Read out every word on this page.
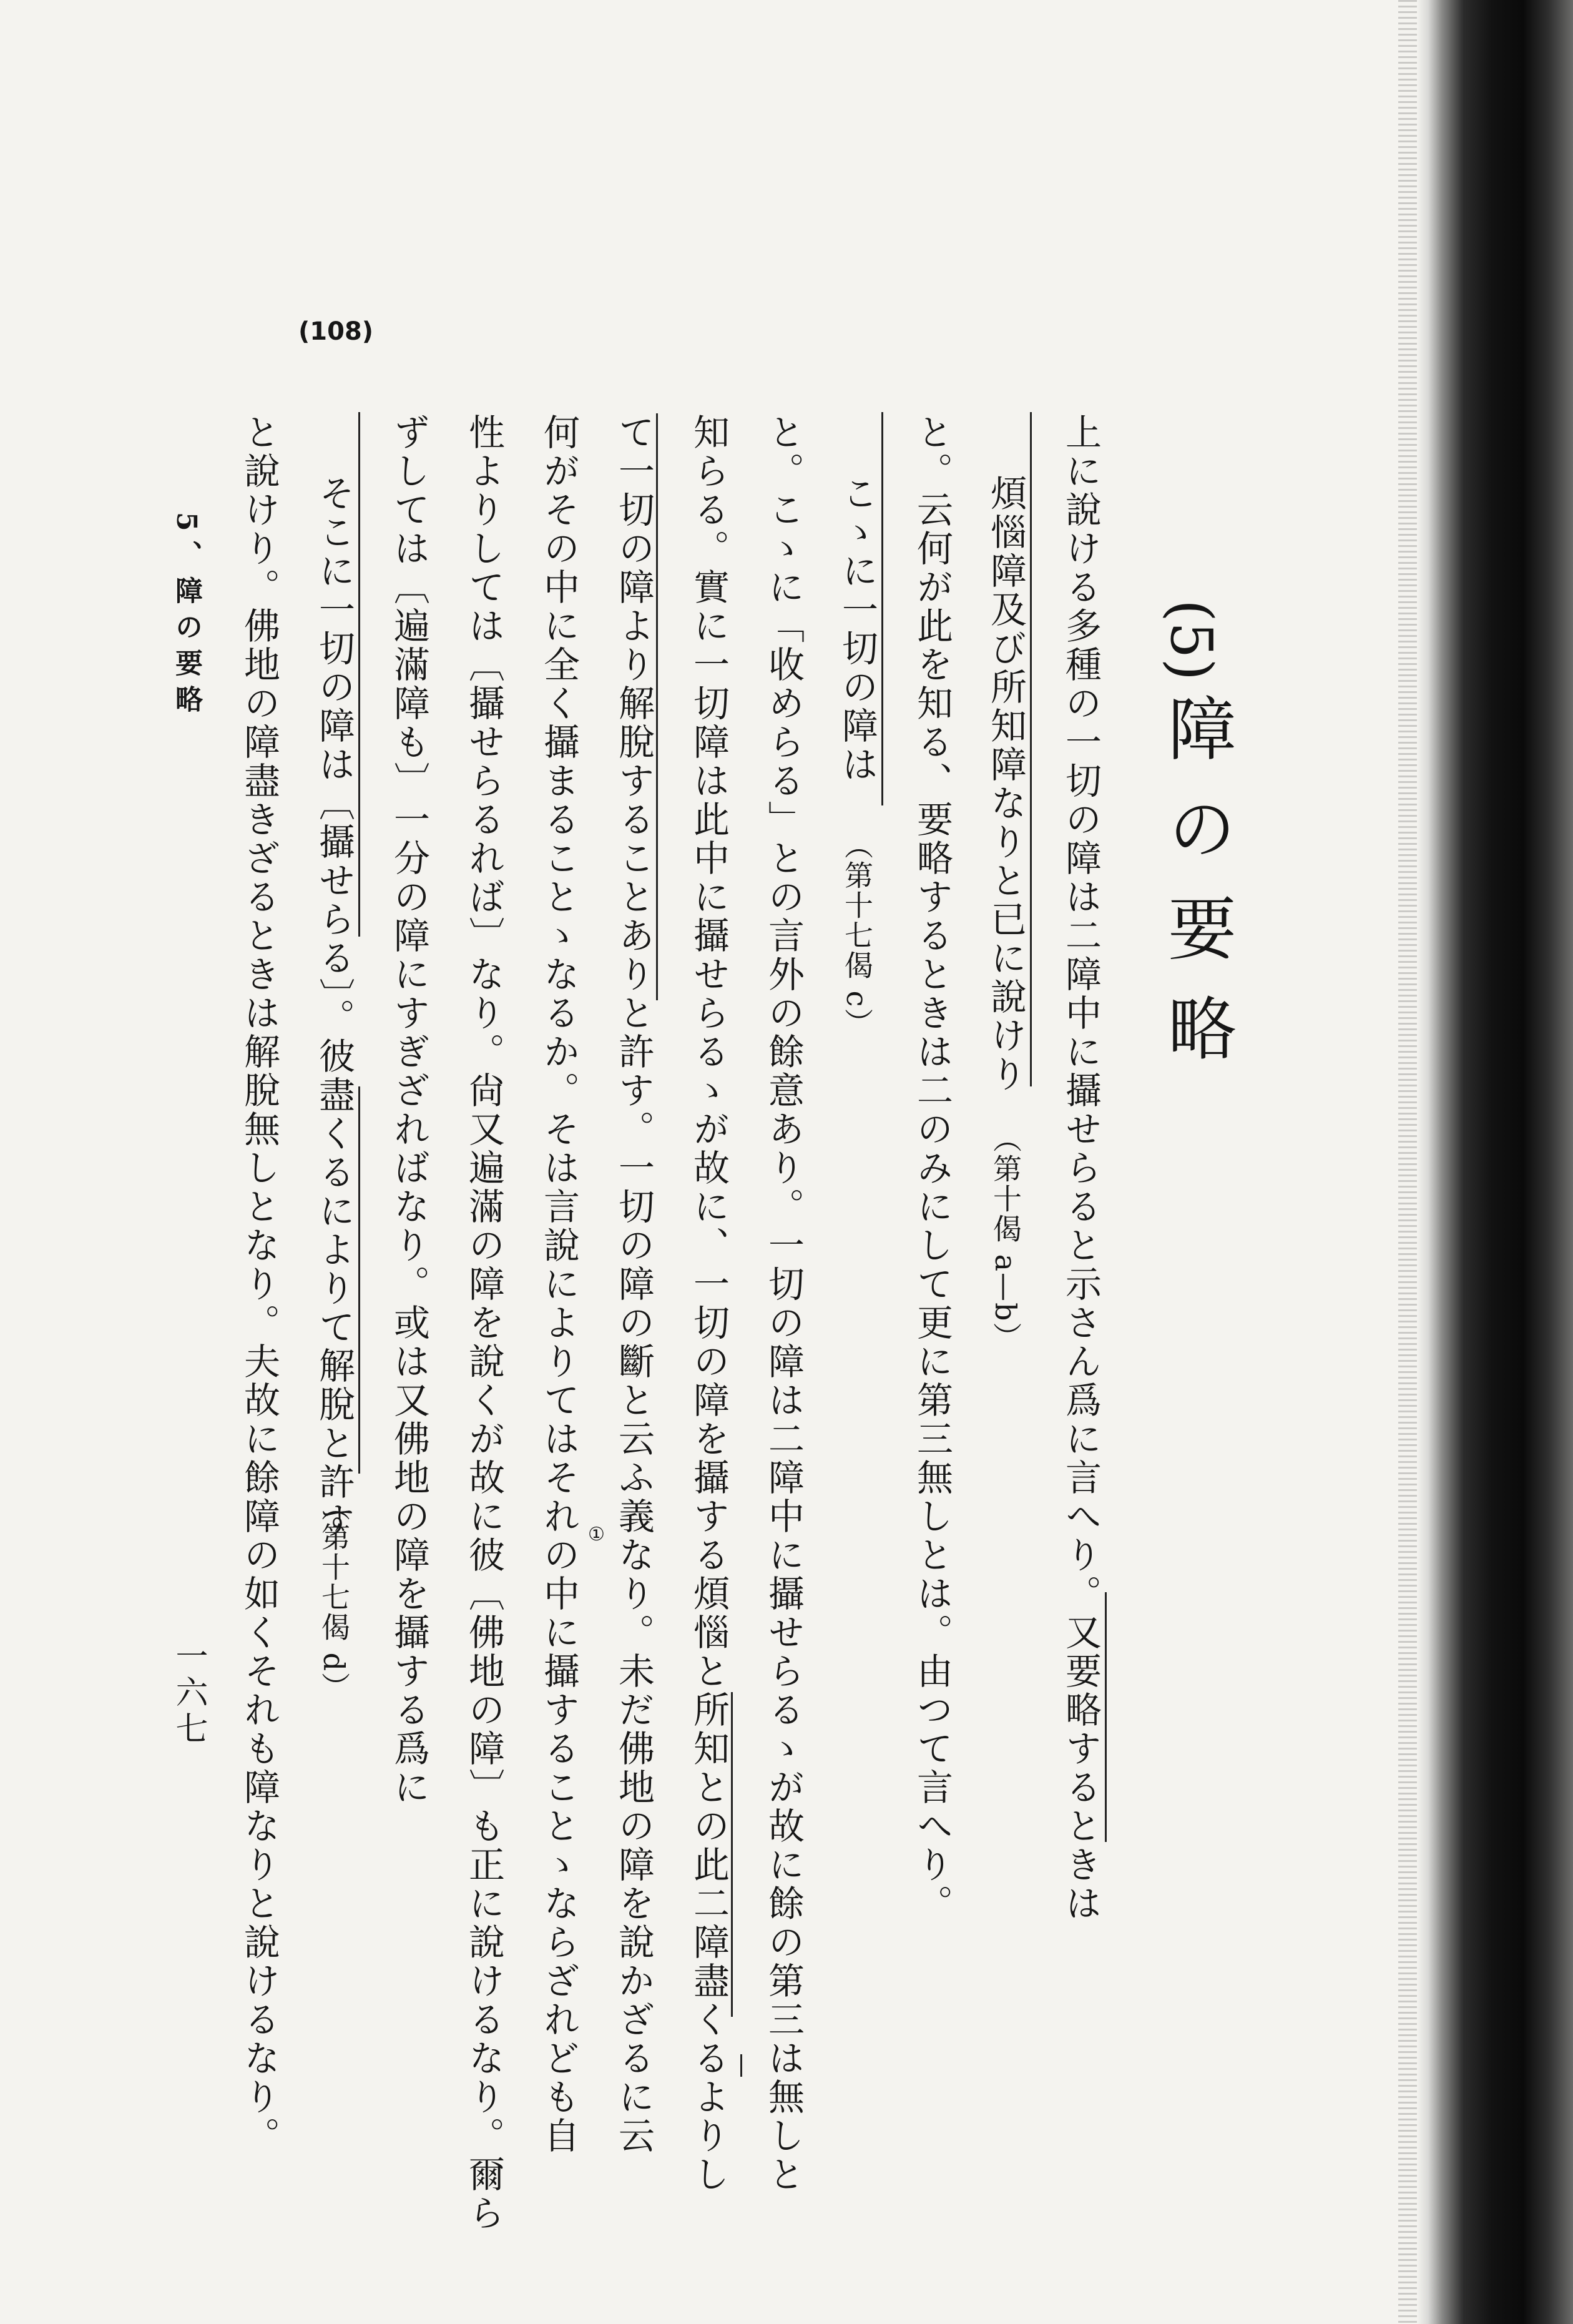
(108)
(5)
障の要略
上に說ける多種の一切の障は二障中に攝せらると示さん爲に言へり。又要略するときは
煩惱障及び所知障なりと已に說けり
（第十偈 a—b）
と。云何が此を知る、要略するときは二のみにして更に第三無しとは。由つて言へり。
こゝに一切の障は
（第十七偈 c）
と。こゝに「收めらる」との言外の餘意あり。一切の障は二障中に攝せらるゝが故に餘の第三は無しと
知らる。實に一切障は此中に攝せらるゝが故に、一切の障を攝する煩惱と所知との此二障盡くるよりし
て一切の障より解脫することありと許す。一切の障の斷と云ふ義なり。未だ佛地の障を說かざるに云
何がその中に全く攝まることゝなるか。そは言說によりてはそれの中に攝することゝならざれども自
性よりしては〔攝せらるれば〕なり。尙又遍滿の障を說くが故に彼〔佛地の障〕も正に說けるなり。爾ら
ずしては〔遍滿障も〕一分の障にすぎざればなり。或は又佛地の障を攝する爲に
そこに一切の障は〔攝せらる〕。彼盡くるによりて解脫と許す
（第十七偈 d）
と說けり。佛地の障盡きざるときは解脫無しとなり。夫故に餘障の如くそれも障なりと說けるなり。	①
5、障の要略
一六七
